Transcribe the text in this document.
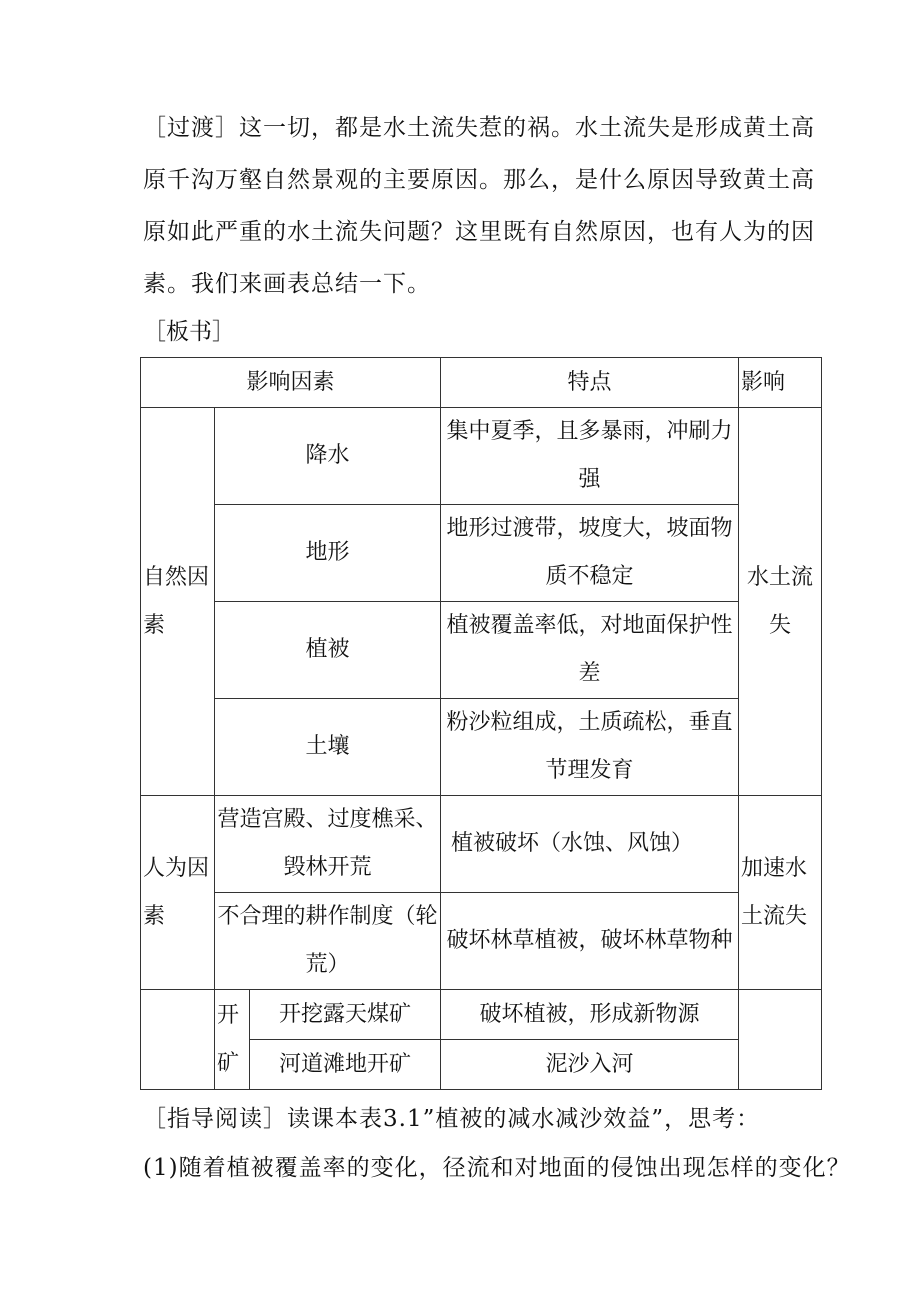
［过渡］这一切，都是水土流失惹的祸。水土流失是形成黄土高原千沟万壑自然景观的主要原因。那么，是什么原因导致黄土高原如此严重的水土流失问题？这里既有自然原因，也有人为的因素。我们来画表总结一下。

［板书］

影响因素			特点	影响
自然因素	降水		集中夏季，且多暴雨，冲刷力强	水土流失
	地形		地形过渡带，坡度大，坡面物质不稳定	
	植被		植被覆盖率低，对地面保护性差	
	土壤		粉沙粒组成，土质疏松，垂直节理发育	
人为因素	营造宫殿、过度樵采、毁林开荒		植被破坏（水蚀、风蚀）	加速水土流失
	不合理的耕作制度（轮荒）		破坏林草植被，破坏林草物种	
	开矿	开挖露天煤矿	破坏植被，形成新物源	
		河道滩地开矿	泥沙入河	

［指导阅读］读课本表3.1”植被的减水减沙效益”，思考：

(1)随着植被覆盖率的变化，径流和对地面的侵蚀出现怎样的变化？
